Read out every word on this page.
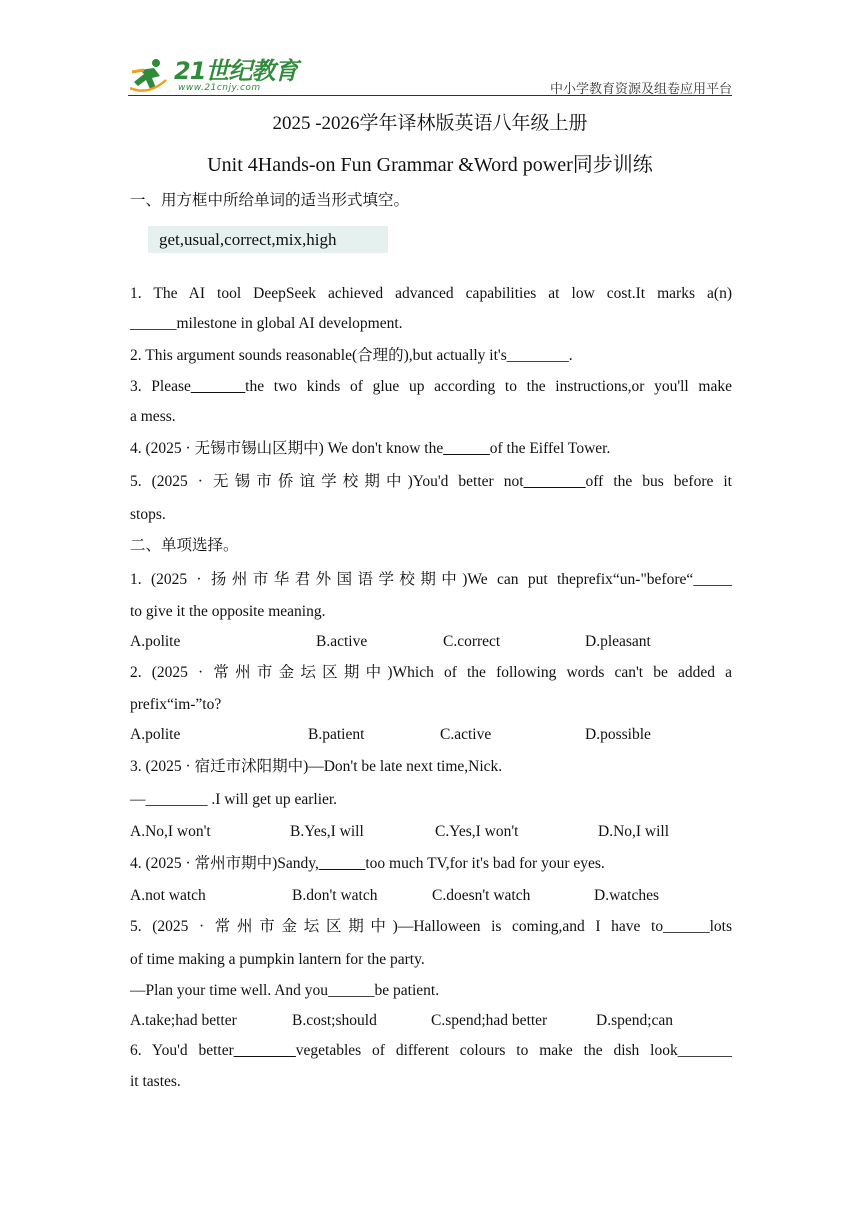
21世纪教育
www.21cnjy.com	中小学教育资源及组卷应用平台
2025 -2026学年译林版英语八年级上册
Unit 4Hands-on Fun Grammar &Word power同步训练
一、用方框中所给单词的适当形式填空。
get,usual,correct,mix,high
1. The AI tool DeepSeek achieved advanced capabilities at low cost.It marks a(n)
______milestone in global AI development.
2. This argument sounds reasonable(合理的),but actually it's________.
3. Please_______the two kinds of glue up according to the instructions,or you'll make
a mess.
4. (2025 · 无锡市锡山区期中) We don't know the______of the Eiffel Tower.
5. (2025 · 无锡市侨谊学校期中)You'd better not________off the bus before it
stops.
二、单项选择。
1. (2025 · 扬州市华君外国语学校期中)We can put theprefix“un-"before“_____
to give it the opposite meaning.
A.polite	B.active	C.correct	D.pleasant
2. (2025 · 常州市金坛区期中)Which of the following words can't be added a
prefix“im-”to?
A.polite	B.patient	C.active	D.possible
3. (2025 · 宿迁市沭阳期中)—Don't be late next time,Nick.
—________ .I will get up earlier.
A.No,I won't	B.Yes,I will	C.Yes,I won't	D.No,I will
4. (2025 · 常州市期中)Sandy,______too much TV,for it's bad for your eyes.
A.not watch	B.don't watch	C.doesn't watch	D.watches
5. (2025 · 常州市金坛区期中)—Halloween is coming,and I have to______lots
of time making a pumpkin lantern for the party.
—Plan your time well. And you______be patient.
A.take;had better	B.cost;should	C.spend;had better	D.spend;can
6. You'd better________vegetables of different colours to make the dish look_______
it tastes.
